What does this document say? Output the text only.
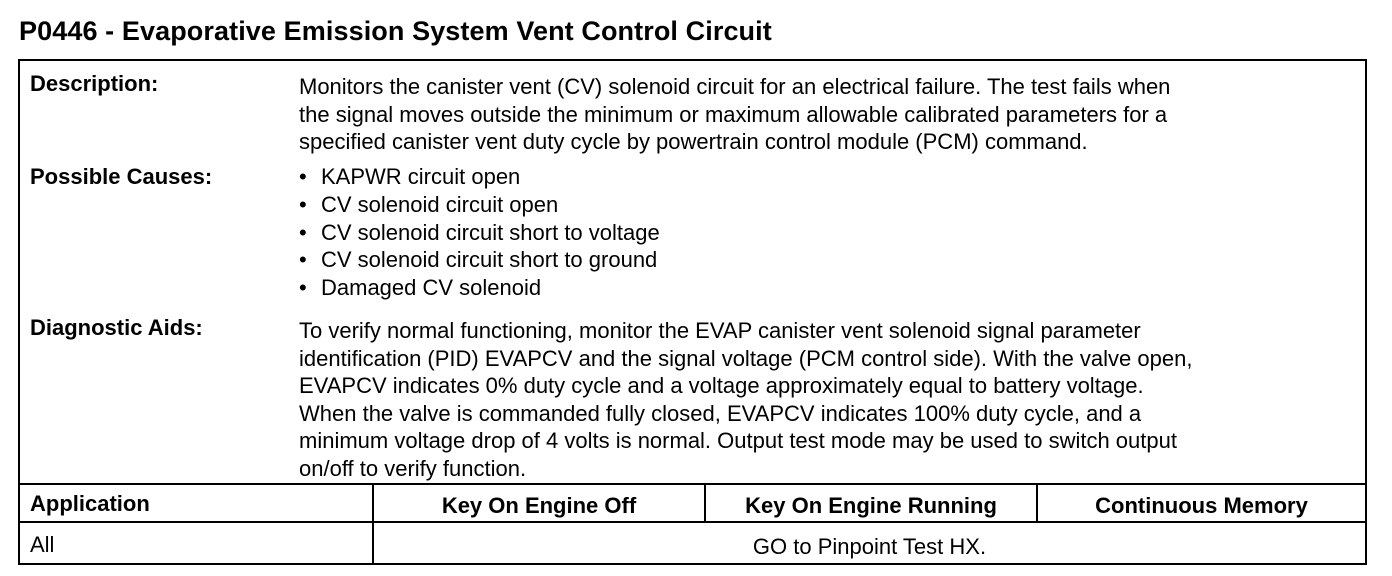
P0446 - Evaporative Emission System Vent Control Circuit
Description:	Monitors the canister vent (CV) solenoid circuit for an electrical failure. The test fails when
the signal moves outside the minimum or maximum allowable calibrated parameters for a
specified canister vent duty cycle by powertrain control module (PCM) command.
Possible Causes:	• KAPWR circuit open
• CV solenoid circuit open
• CV solenoid circuit short to voltage
• CV solenoid circuit short to ground
• Damaged CV solenoid
Diagnostic Aids:	To verify normal functioning, monitor the EVAP canister vent solenoid signal parameter
identification (PID) EVAPCV and the signal voltage (PCM control side). With the valve open,
EVAPCV indicates 0% duty cycle and a voltage approximately equal to battery voltage.
When the valve is commanded fully closed, EVAPCV indicates 100% duty cycle, and a
minimum voltage drop of 4 volts is normal. Output test mode may be used to switch output
on/off to verify function.
Application	Key On Engine Off	Key On Engine Running	Continuous Memory
All	GO to Pinpoint Test HX.
